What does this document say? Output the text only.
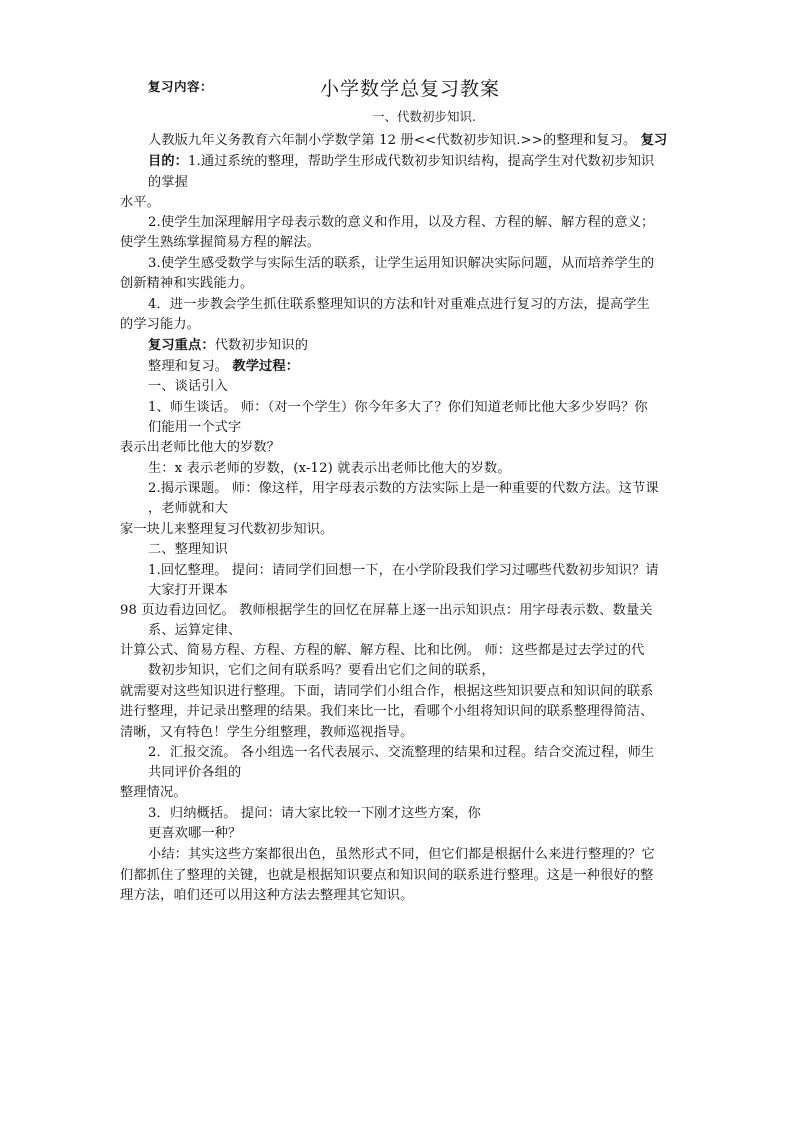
复习内容：	小学数学总复习教案
一、代数初步知识.
人教版九年义务教育六年制小学数学第 12 册<<代数初步知识.>>的整理和复习。 复习
目的：1.通过系统的整理，帮助学生形成代数初步知识结构，提高学生对代数初步知识
的掌握
水平。
2.使学生加深理解用字母表示数的意义和作用，以及方程、方程的解、解方程的意义；
使学生熟练掌握简易方程的解法。
3.使学生感受数学与实际生活的联系，让学生运用知识解决实际问题，从而培养学生的
创新精神和实践能力。
4．进一步教会学生抓住联系整理知识的方法和针对重难点进行复习的方法，提高学生
的学习能力。
复习重点：代数初步知识的
整理和复习。 教学过程：
一、谈话引入
1、师生谈话。 师：（对一个学生）你今年多大了？你们知道老师比他大多少岁吗？你
们能用一个式字
表示出老师比他大的岁数？
生：x 表示老师的岁数，(x-12) 就表示出老师比他大的岁数。
2.揭示课题。 师：像这样，用字母表示数的方法实际上是一种重要的代数方法。这节课
，老师就和大
家一块儿来整理复习代数初步知识。
二、整理知识
1.回忆整理。 提问：请同学们回想一下，在小学阶段我们学习过哪些代数初步知识？请
大家打开课本
98 页边看边回忆。 教师根据学生的回忆在屏幕上逐一出示知识点：用字母表示数、数量关
系、运算定律、
计算公式、简易方程、方程、方程的解、解方程、比和比例。 师：这些都是过去学过的代
数初步知识，它们之间有联系吗？要看出它们之间的联系，
就需要对这些知识进行整理。下面，请同学们小组合作，根据这些知识要点和知识间的联系
进行整理，并记录出整理的结果。我们来比一比，看哪个小组将知识间的联系整理得简洁、
清晰，又有特色！学生分组整理，教师巡视指导。
2．汇报交流。 各小组选一名代表展示、交流整理的结果和过程。结合交流过程，师生
共同评价各组的
整理情况。
3．归纳概括。 提问：请大家比较一下刚才这些方案，你
更喜欢哪一种？
小结：其实这些方案都很出色，虽然形式不同，但它们都是根据什么来进行整理的？它
们都抓住了整理的关键，也就是根据知识要点和知识间的联系进行整理。这是一种很好的整
理方法，咱们还可以用这种方法去整理其它知识。
